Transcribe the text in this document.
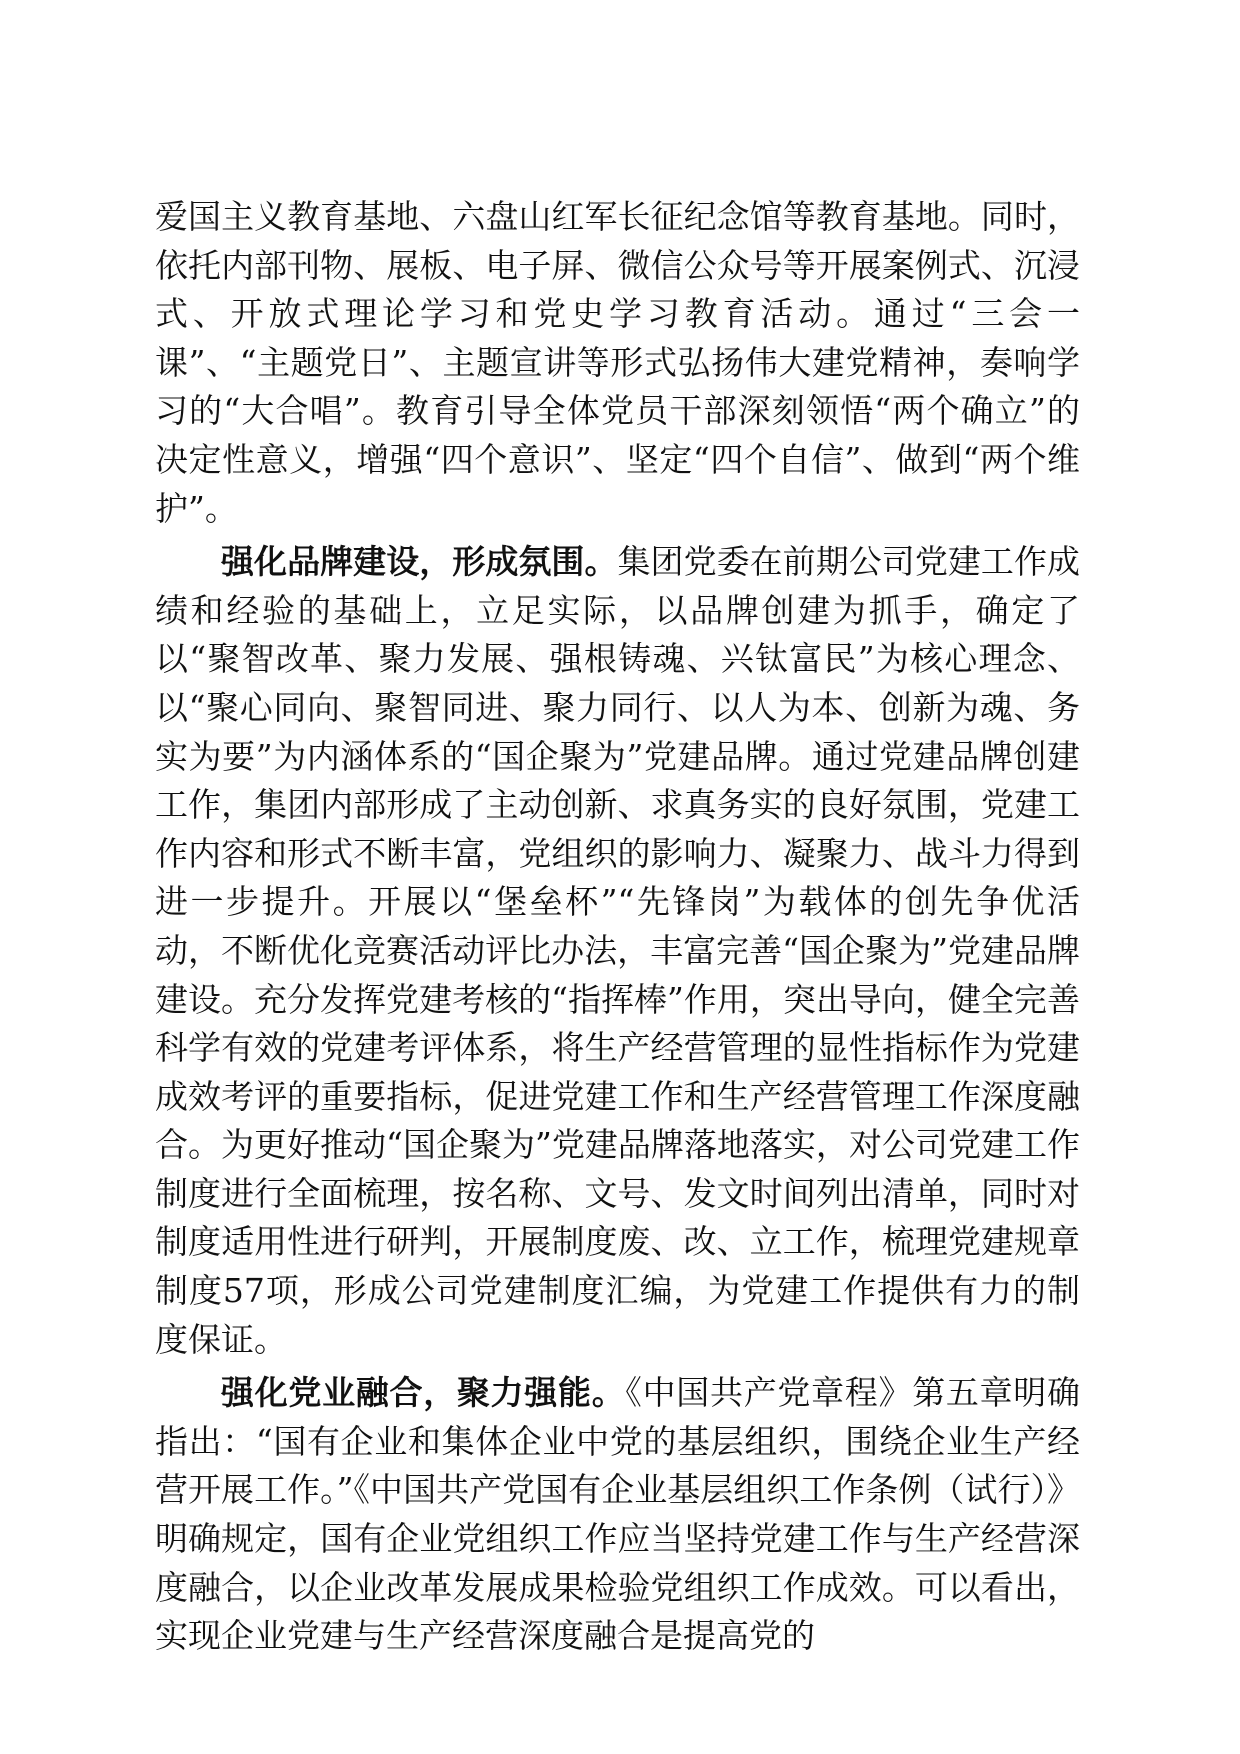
爱国主义教育基地、六盘山红军长征纪念馆等教育基地。同时，依托内部刊物、展板、电子屏、微信公众号等开展案例式、沉浸式、开放式理论学习和党史学习教育活动。通过“三会一课”、“主题党日”、主题宣讲等形式弘扬伟大建党精神，奏响学习的“大合唱”。教育引导全体党员干部深刻领悟“两个确立”的决定性意义，增强“四个意识”、坚定“四个自信”、做到“两个维护”。

强化品牌建设，形成氛围。集团党委在前期公司党建工作成绩和经验的基础上，立足实际，以品牌创建为抓手，确定了以“聚智改革、聚力发展、强根铸魂、兴钛富民”为核心理念、以“聚心同向、聚智同进、聚力同行、以人为本、创新为魂、务实为要”为内涵体系的“国企聚为”党建品牌。通过党建品牌创建工作，集团内部形成了主动创新、求真务实的良好氛围，党建工作内容和形式不断丰富，党组织的影响力、凝聚力、战斗力得到进一步提升。开展以“堡垒杯”“先锋岗”为载体的创先争优活动，不断优化竞赛活动评比办法，丰富完善“国企聚为”党建品牌建设。充分发挥党建考核的“指挥棒”作用，突出导向，健全完善科学有效的党建考评体系，将生产经营管理的显性指标作为党建成效考评的重要指标，促进党建工作和生产经营管理工作深度融合。为更好推动“国企聚为”党建品牌落地落实，对公司党建工作制度进行全面梳理，按名称、文号、发文时间列出清单，同时对制度适用性进行研判，开展制度废、改、立工作，梳理党建规章制度57项，形成公司党建制度汇编，为党建工作提供有力的制度保证。

强化党业融合，聚力强能。《中国共产党章程》第五章明确指出：“国有企业和集体企业中党的基层组织，围绕企业生产经营开展工作。”《中国共产党国有企业基层组织工作条例（试行）》明确规定，国有企业党组织工作应当坚持党建工作与生产经营深度融合，以企业改革发展成果检验党组织工作成效。可以看出，实现企业党建与生产经营深度融合是提高党的
